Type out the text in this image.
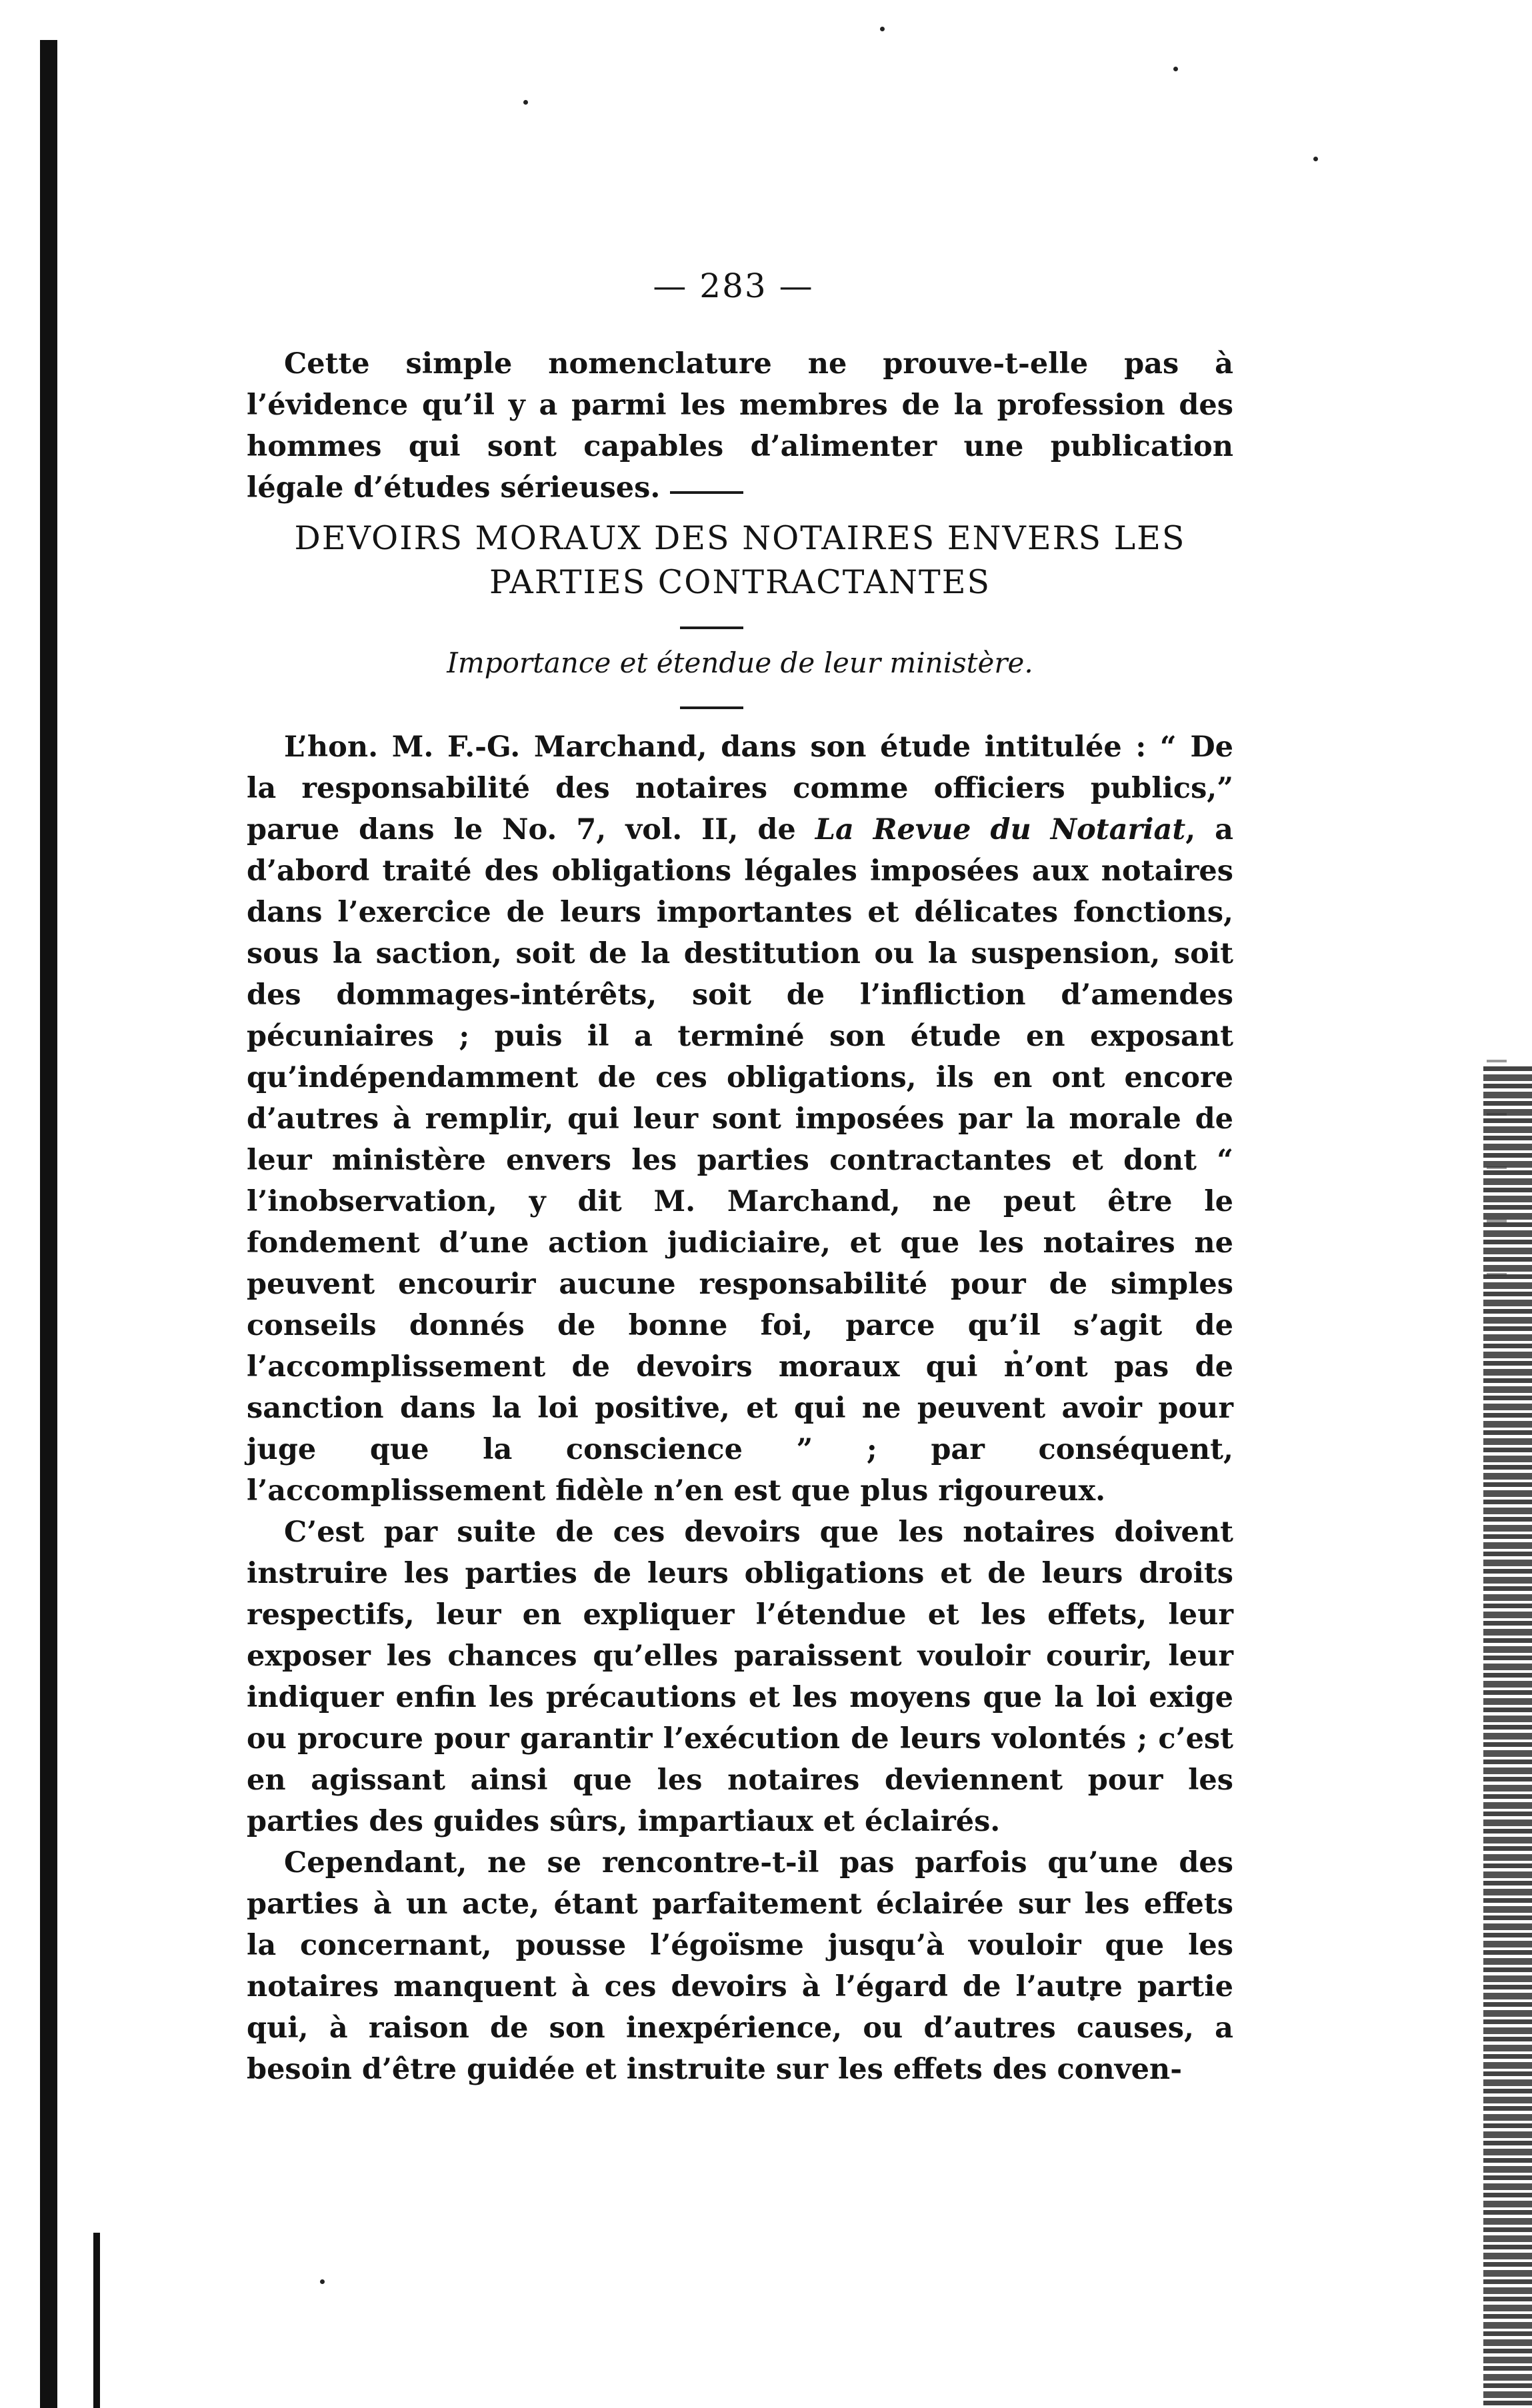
— 283 —

Cette simple nomenclature ne prouve-t-elle pas à l’évidence qu’il y a parmi les membres de la profession des hommes qui sont capables d’alimenter une publication légale d’études sérieuses.

DEVOIRS MORAUX DES NOTAIRES ENVERS LES
PARTIES CONTRACTANTES
Importance et étendue de leur ministère.

L’hon. M. F.-G. Marchand, dans son étude intitulée : “ De la responsabilité des notaires comme officiers publics,” parue dans le No. 7, vol. II, de La Revue du Notariat, a d’abord traité des obligations légales imposées aux notaires dans l’exercice de leurs importantes et délicates fonctions, sous la saction, soit de la destitution ou la suspension, soit des dommages-intérêts, soit de l’infliction d’amendes pécuniaires ; puis il a terminé son étude en exposant qu’indépendamment de ces obligations, ils en ont encore d’autres à remplir, qui leur sont imposées par la morale de leur ministère envers les parties contractantes et dont “ l’inobservation, y dit M. Marchand, ne peut être le fondement d’une action judiciaire, et que les notaires ne peuvent encourir aucune responsabilité pour de simples conseils donnés de bonne foi, parce qu’il s’agit de l’accomplissement de devoirs moraux qui n’ont pas de sanction dans la loi positive, et qui ne peuvent avoir pour juge que la conscience ” ; par conséquent, l’accomplissement fidèle n’en est que plus rigoureux.

C’est par suite de ces devoirs que les notaires doivent instruire les parties de leurs obligations et de leurs droits respectifs, leur en expliquer l’étendue et les effets, leur exposer les chances qu’elles paraissent vouloir courir, leur indiquer enfin les précautions et les moyens que la loi exige ou procure pour garantir l’exécution de leurs volontés ; c’est en agissant ainsi que les notaires deviennent pour les parties des guides sûrs, impartiaux et éclairés.

Cependant, ne se rencontre-t-il pas parfois qu’une des parties à un acte, étant parfaitement éclairée sur les effets la concernant, pousse l’égoïsme jusqu’à vouloir que les notaires manquent à ces devoirs à l’égard de l’autre partie qui, à raison de son inexpérience, ou d’autres causes, a besoin d’être guidée et instruite sur les effets des conven-
